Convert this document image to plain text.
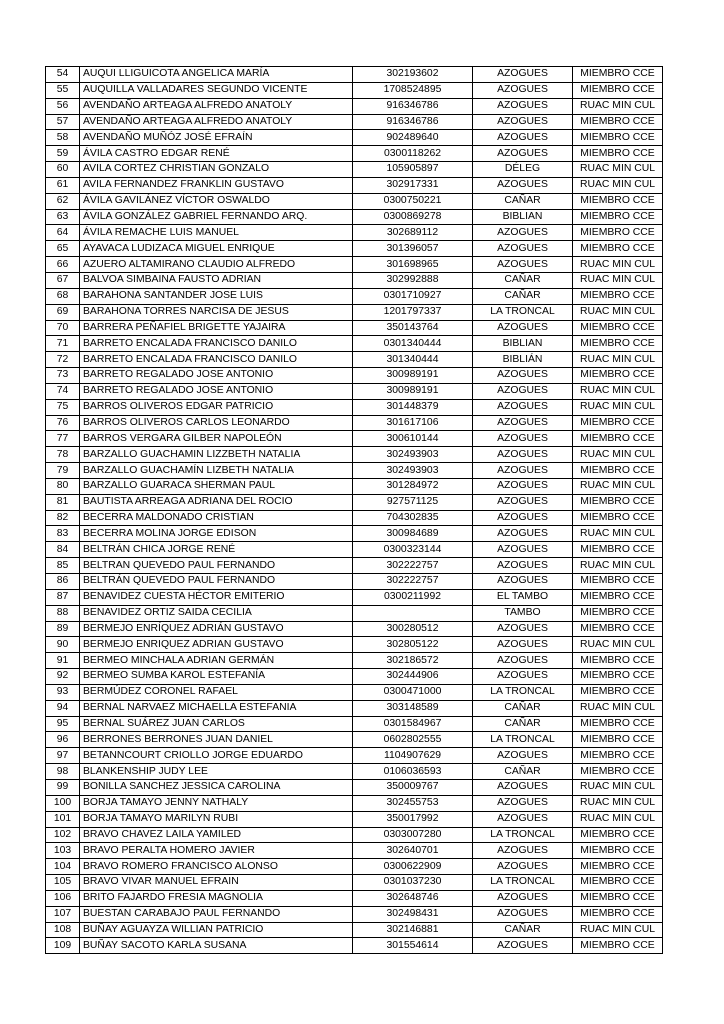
54	AUQUI LLIGUICOTA ANGELICA MARÍA	302193602	AZOGUES	MIEMBRO CCE
55	AUQUILLA VALLADARES SEGUNDO VICENTE	1708524895	AZOGUES	MIEMBRO CCE
56	AVENDAÑO ARTEAGA ALFREDO ANATOLY	916346786	AZOGUES	RUAC MIN CUL
57	AVENDAÑO ARTEAGA ALFREDO ANATOLY	916346786	AZOGUES	MIEMBRO CCE
58	AVENDAÑO MUÑÓZ JOSÉ EFRAÍN	902489640	AZOGUES	MIEMBRO CCE
59	ÁVILA CASTRO EDGAR RENÉ	0300118262	AZOGUES	MIEMBRO CCE
60	AVILA CORTEZ CHRISTIAN GONZALO	105905897	DÉLEG	RUAC MIN CUL
61	AVILA FERNANDEZ FRANKLIN GUSTAVO	302917331	AZOGUES	RUAC MIN CUL
62	ÁVILA GAVILÁNEZ VÍCTOR OSWALDO	0300750221	CAÑAR	MIEMBRO CCE
63	ÁVILA GONZÁLEZ GABRIEL FERNANDO ARQ.	0300869278	BIBLIAN	MIEMBRO CCE
64	ÁVILA REMACHE LUIS MANUEL	302689112	AZOGUES	MIEMBRO CCE
65	AYAVACA LUDIZACA MIGUEL ENRIQUE	301396057	AZOGUES	MIEMBRO CCE
66	AZUERO ALTAMIRANO CLAUDIO ALFREDO	301698965	AZOGUES	RUAC MIN CUL
67	BALVOA SIMBAINA FAUSTO ADRIAN	302992888	CAÑAR	RUAC MIN CUL
68	BARAHONA SANTANDER JOSE LUIS	0301710927	CAÑAR	MIEMBRO CCE
69	BARAHONA TORRES NARCISA DE JESUS	1201797337	LA TRONCAL	RUAC MIN CUL
70	BARRERA PEÑAFIEL BRIGETTE YAJAIRA	350143764	AZOGUES	MIEMBRO CCE
71	BARRETO ENCALADA FRANCISCO DANILO	0301340444	BIBLIAN	MIEMBRO CCE
72	BARRETO ENCALADA FRANCISCO DANILO	301340444	BIBLIÁN	RUAC MIN CUL
73	BARRETO REGALADO JOSE ANTONIO	300989191	AZOGUES	MIEMBRO CCE
74	BARRETO REGALADO JOSE ANTONIO	300989191	AZOGUES	RUAC MIN CUL
75	BARROS OLIVEROS EDGAR PATRICIO	301448379	AZOGUES	RUAC MIN CUL
76	BARROS OLIVEROS CARLOS LEONARDO	301617106	AZOGUES	MIEMBRO CCE
77	BARROS VERGARA GILBER NAPOLEÓN	300610144	AZOGUES	MIEMBRO CCE
78	BARZALLO GUACHAMIN LIZZBETH NATALIA	302493903	AZOGUES	RUAC MIN CUL
79	BARZALLO GUACHAMÍN LIZBETH NATALIA	302493903	AZOGUES	MIEMBRO CCE
80	BARZALLO GUARACA SHERMAN PAUL	301284972	AZOGUES	RUAC MIN CUL
81	BAUTISTA ARREAGA ADRIANA DEL ROCIO	927571125	AZOGUES	MIEMBRO CCE
82	BECERRA MALDONADO CRISTIAN	704302835	AZOGUES	MIEMBRO CCE
83	BECERRA MOLINA JORGE EDISON	300984689	AZOGUES	RUAC MIN CUL
84	BELTRÁN CHICA JORGE RENÉ	0300323144	AZOGUES	MIEMBRO CCE
85	BELTRAN QUEVEDO PAUL FERNANDO	302222757	AZOGUES	RUAC MIN CUL
86	BELTRÁN QUEVEDO PAUL FERNANDO	302222757	AZOGUES	MIEMBRO CCE
87	BENAVIDEZ CUESTA HÉCTOR EMITERIO	0300211992	EL TAMBO	MIEMBRO CCE
88	BENAVIDEZ ORTIZ SAIDA CECILIA		TAMBO	MIEMBRO CCE
89	BERMEJO ENRÍQUEZ ADRIÁN GUSTAVO	300280512	AZOGUES	MIEMBRO CCE
90	BERMEJO ENRIQUEZ ADRIAN GUSTAVO	302805122	AZOGUES	RUAC MIN CUL
91	BERMEO MINCHALA ADRIAN GERMÁN	302186572	AZOGUES	MIEMBRO CCE
92	BERMEO SUMBA KAROL ESTEFANÍA	302444906	AZOGUES	MIEMBRO CCE
93	BERMÚDEZ CORONEL RAFAEL	0300471000	LA TRONCAL	MIEMBRO CCE
94	BERNAL NARVAEZ MICHAELLA ESTEFANIA	303148589	CAÑAR	RUAC MIN CUL
95	BERNAL SUÁREZ JUAN CARLOS	0301584967	CAÑAR	MIEMBRO CCE
96	BERRONES BERRONES JUAN DANIEL	0602802555	LA TRONCAL	MIEMBRO CCE
97	BETANNCOURT CRIOLLO JORGE EDUARDO	1104907629	AZOGUES	MIEMBRO CCE
98	BLANKENSHIP JUDY LEE	0106036593	CAÑAR	MIEMBRO CCE
99	BONILLA SANCHEZ JESSICA CAROLINA	350009767	AZOGUES	RUAC MIN CUL
100	BORJA TAMAYO JENNY NATHALY	302455753	AZOGUES	RUAC MIN CUL
101	BORJA TAMAYO MARILYN RUBI	350017992	AZOGUES	RUAC MIN CUL
102	BRAVO CHAVEZ LAILA YAMILED	0303007280	LA TRONCAL	MIEMBRO CCE
103	BRAVO PERALTA HOMERO JAVIER	302640701	AZOGUES	MIEMBRO CCE
104	BRAVO ROMERO FRANCISCO ALONSO	0300622909	AZOGUES	MIEMBRO CCE
105	BRAVO VIVAR MANUEL EFRAIN	0301037230	LA TRONCAL	MIEMBRO CCE
106	BRITO FAJARDO FRESIA MAGNOLIA	302648746	AZOGUES	MIEMBRO CCE
107	BUESTAN CARABAJO PAUL FERNANDO	302498431	AZOGUES	MIEMBRO CCE
108	BUÑAY AGUAYZA WILLIAN PATRICIO	302146881	CAÑAR	RUAC MIN CUL
109	BUÑAY SACOTO KARLA SUSANA	301554614	AZOGUES	MIEMBRO CCE
